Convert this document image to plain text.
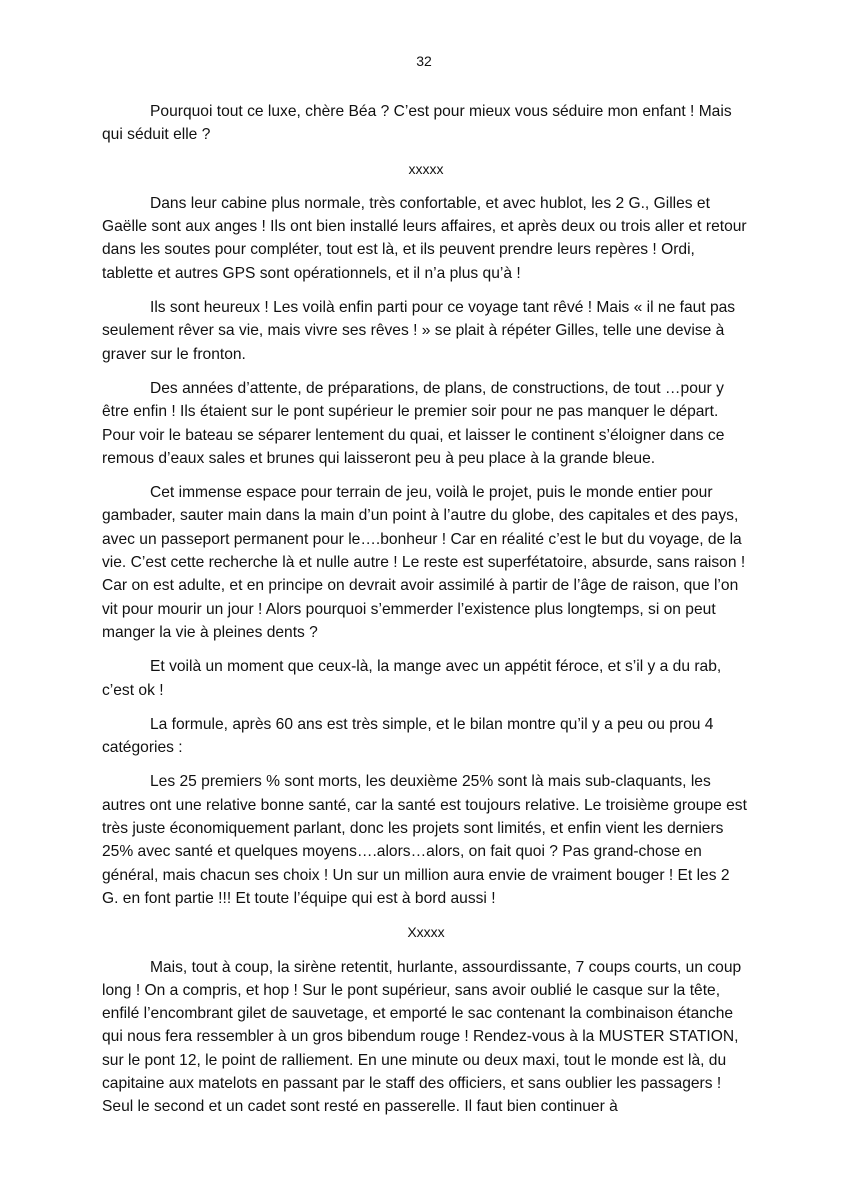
32

Pourquoi tout ce luxe, chère Béa ? C’est pour mieux vous séduire mon enfant ! Mais qui séduit elle ?

xxxxx

Dans leur cabine plus normale, très confortable, et avec hublot, les 2 G., Gilles et Gaëlle sont aux anges ! Ils ont bien installé leurs affaires, et après deux ou trois aller et retour dans les soutes pour compléter, tout est là, et ils peuvent prendre leurs repères ! Ordi, tablette et autres GPS sont opérationnels, et il n’a plus qu’à !

Ils sont heureux ! Les voilà enfin parti pour ce voyage tant rêvé ! Mais « il ne faut pas seulement rêver sa vie, mais vivre ses rêves ! » se plait à répéter Gilles, telle une devise à graver sur le fronton.

Des années d’attente, de préparations, de plans, de constructions, de tout …pour y être enfin ! Ils étaient sur le pont supérieur le premier soir pour ne pas manquer le départ. Pour voir le bateau se séparer lentement du quai, et laisser le continent s’éloigner dans ce remous d’eaux sales et brunes qui laisseront peu à peu place à la grande bleue.

Cet immense espace pour terrain de jeu, voilà le projet, puis le monde entier pour gambader, sauter main dans la main d’un point à l’autre du globe, des capitales et des pays, avec un passeport permanent pour le….bonheur ! Car en réalité c’est le but du voyage, de la vie. C’est cette recherche là et nulle autre ! Le reste est superfétatoire, absurde, sans raison ! Car on est adulte, et en principe on devrait avoir assimilé à partir de l’âge de raison, que l’on vit pour mourir un jour ! Alors pourquoi s’emmerder l’existence plus longtemps, si on peut manger la vie à pleines dents ?

Et voilà un moment que ceux-là, la mange avec un appétit féroce, et s’il y a du rab, c’est ok !

La formule, après 60 ans est très simple, et le bilan montre qu’il y a peu ou prou 4 catégories :

Les 25 premiers % sont morts, les deuxième 25% sont là mais sub-claquants, les autres ont une relative bonne santé, car la santé est toujours relative. Le troisième groupe est très juste économiquement parlant, donc les projets sont limités, et enfin vient les derniers 25% avec santé et quelques moyens….alors…alors, on fait quoi ? Pas grand-chose en général, mais chacun ses choix ! Un sur un million aura envie de vraiment bouger ! Et les 2 G. en font partie !!! Et toute l’équipe qui est à bord aussi !

Xxxxx

Mais, tout à coup, la sirène retentit, hurlante, assourdissante, 7 coups courts, un coup long ! On a compris, et hop ! Sur le pont supérieur, sans avoir oublié le casque sur la tête, enfilé l’encombrant gilet de sauvetage, et emporté le sac contenant la combinaison étanche qui nous fera ressembler à un gros bibendum rouge ! Rendez-vous à la MUSTER STATION, sur le pont 12, le point de ralliement. En une minute ou deux maxi, tout le monde est là, du capitaine aux matelots en passant par le staff des officiers, et sans oublier les passagers ! Seul le second et un cadet sont resté en passerelle. Il faut bien continuer à
